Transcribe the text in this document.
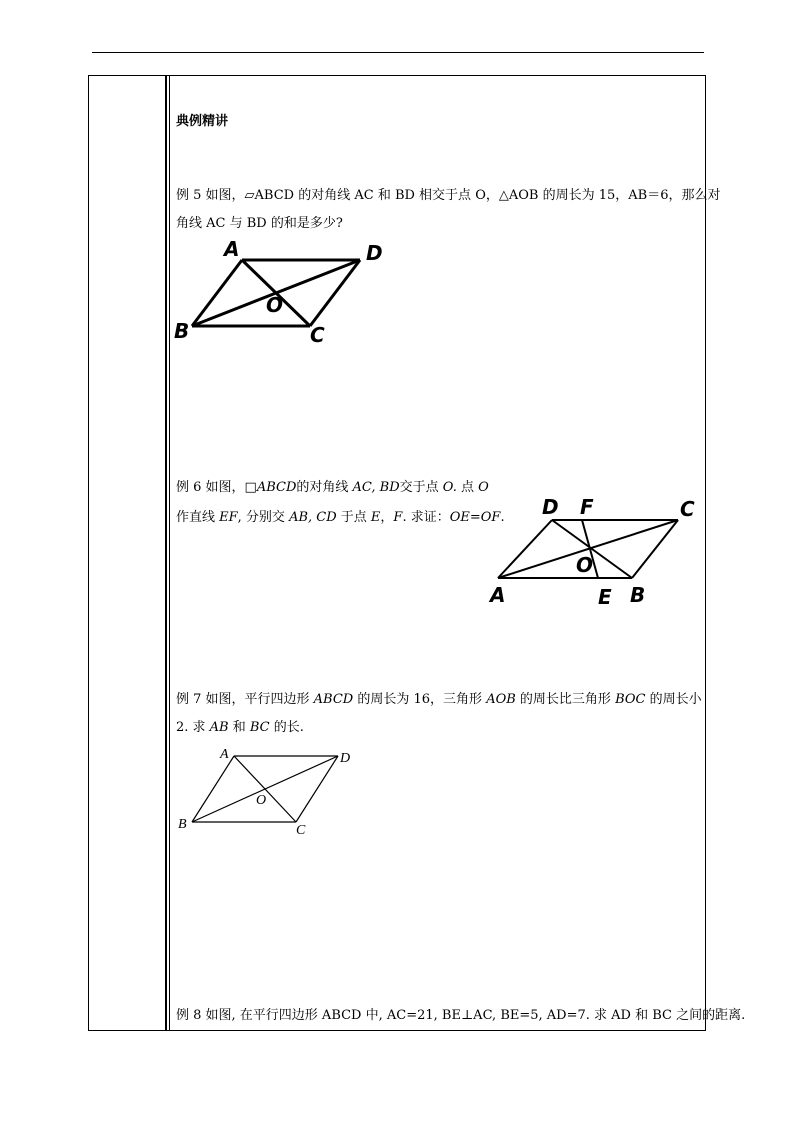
典例精讲
例 5 如图，▱ABCD 的对角线 AC 和 BD 相交于点 O，△AOB 的周长为 15，AB＝6，那么对
角线 AC 与 BD 的和是多少?
A	D
B	C
O
例 6 如图，□ABCD的对角线 AC, BD交于点 O. 点 O
作直线 EF, 分别交 AB, CD 于点 E，F. 求证：OE=OF. D F	C
O
A	E B
例 7 如图，平行四边形 ABCD 的周长为 16，三角形 AOB 的周长比三角形 BOC 的周长小
2. 求 AB 和 BC 的长.
A	D
B	C
O
例 8 如图, 在平行四边形 ABCD 中, AC=21, BE⊥AC, BE=5, AD=7. 求 AD 和 BC 之间的距离.
